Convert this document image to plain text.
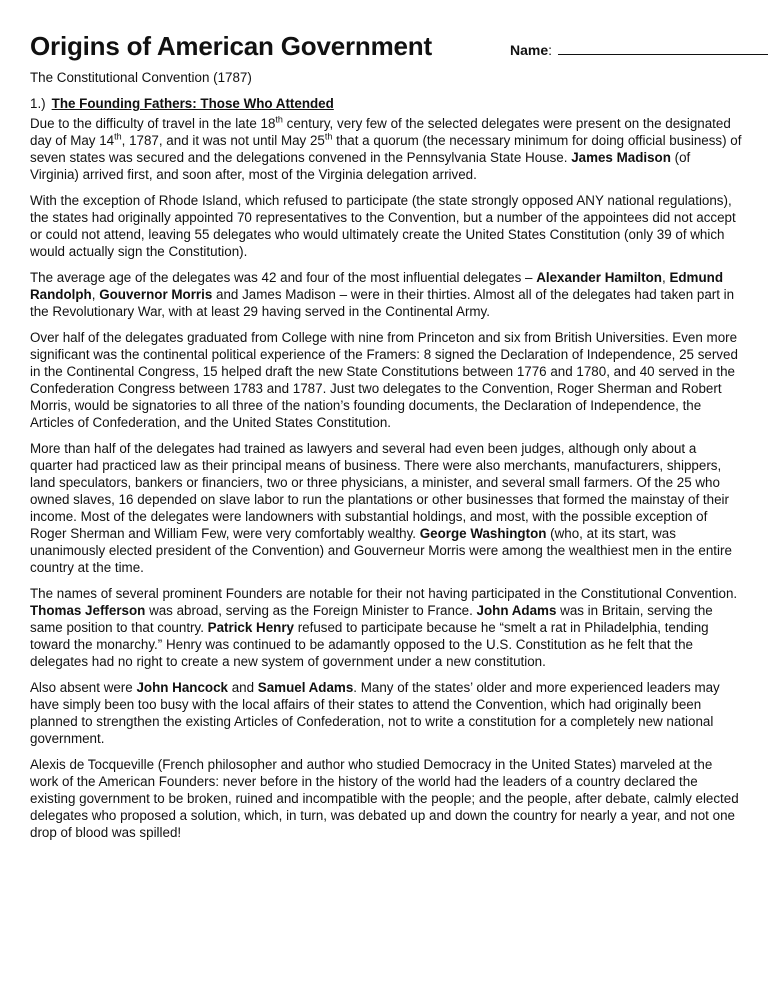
Origins of American Government	Name:
The Constitutional Convention (1787)
1.) The Founding Fathers: Those Who Attended

Due to the difficulty of travel in the late 18th century, very few of the selected delegates were present on the designated day of May 14th, 1787, and it was not until May 25th that a quorum (the necessary minimum for doing official business) of seven states was secured and the delegations convened in the Pennsylvania State House. James Madison (of Virginia) arrived first, and soon after, most of the Virginia delegation arrived.

With the exception of Rhode Island, which refused to participate (the state strongly opposed ANY national regulations), the states had originally appointed 70 representatives to the Convention, but a number of the appointees did not accept or could not attend, leaving 55 delegates who would ultimately create the United States Constitution (only 39 of which would actually sign the Constitution).

The average age of the delegates was 42 and four of the most influential delegates – Alexander Hamilton, Edmund Randolph, Gouvernor Morris and James Madison – were in their thirties. Almost all of the delegates had taken part in the Revolutionary War, with at least 29 having served in the Continental Army.

Over half of the delegates graduated from College with nine from Princeton and six from British Universities. Even more significant was the continental political experience of the Framers: 8 signed the Declaration of Independence, 25 served in the Continental Congress, 15 helped draft the new State Constitutions between 1776 and 1780, and 40 served in the Confederation Congress between 1783 and 1787. Just two delegates to the Convention, Roger Sherman and Robert Morris, would be signatories to all three of the nation’s founding documents, the Declaration of Independence, the Articles of Confederation, and the United States Constitution.

More than half of the delegates had trained as lawyers and several had even been judges, although only about a quarter had practiced law as their principal means of business. There were also merchants, manufacturers, shippers, land speculators, bankers or financiers, two or three physicians, a minister, and several small farmers. Of the 25 who owned slaves, 16 depended on slave labor to run the plantations or other businesses that formed the mainstay of their income. Most of the delegates were landowners with substantial holdings, and most, with the possible exception of Roger Sherman and William Few, were very comfortably wealthy. George Washington (who, at its start, was unanimously elected president of the Convention) and Gouverneur Morris were among the wealthiest men in the entire country at the time.

The names of several prominent Founders are notable for their not having participated in the Constitutional Convention. Thomas Jefferson was abroad, serving as the Foreign Minister to France. John Adams was in Britain, serving the same position to that country. Patrick Henry refused to participate because he “smelt a rat in Philadelphia, tending toward the monarchy.” Henry was continued to be adamantly opposed to the U.S. Constitution as he felt that the delegates had no right to create a new system of government under a new constitution.

Also absent were John Hancock and Samuel Adams. Many of the states’ older and more experienced leaders may have simply been too busy with the local affairs of their states to attend the Convention, which had originally been planned to strengthen the existing Articles of Confederation, not to write a constitution for a completely new national government.

Alexis de Tocqueville (French philosopher and author who studied Democracy in the United States) marveled at the work of the American Founders: never before in the history of the world had the leaders of a country declared the existing government to be broken, ruined and incompatible with the people; and the people, after debate, calmly elected delegates who proposed a solution, which, in turn, was debated up and down the country for nearly a year, and not one drop of blood was spilled!
